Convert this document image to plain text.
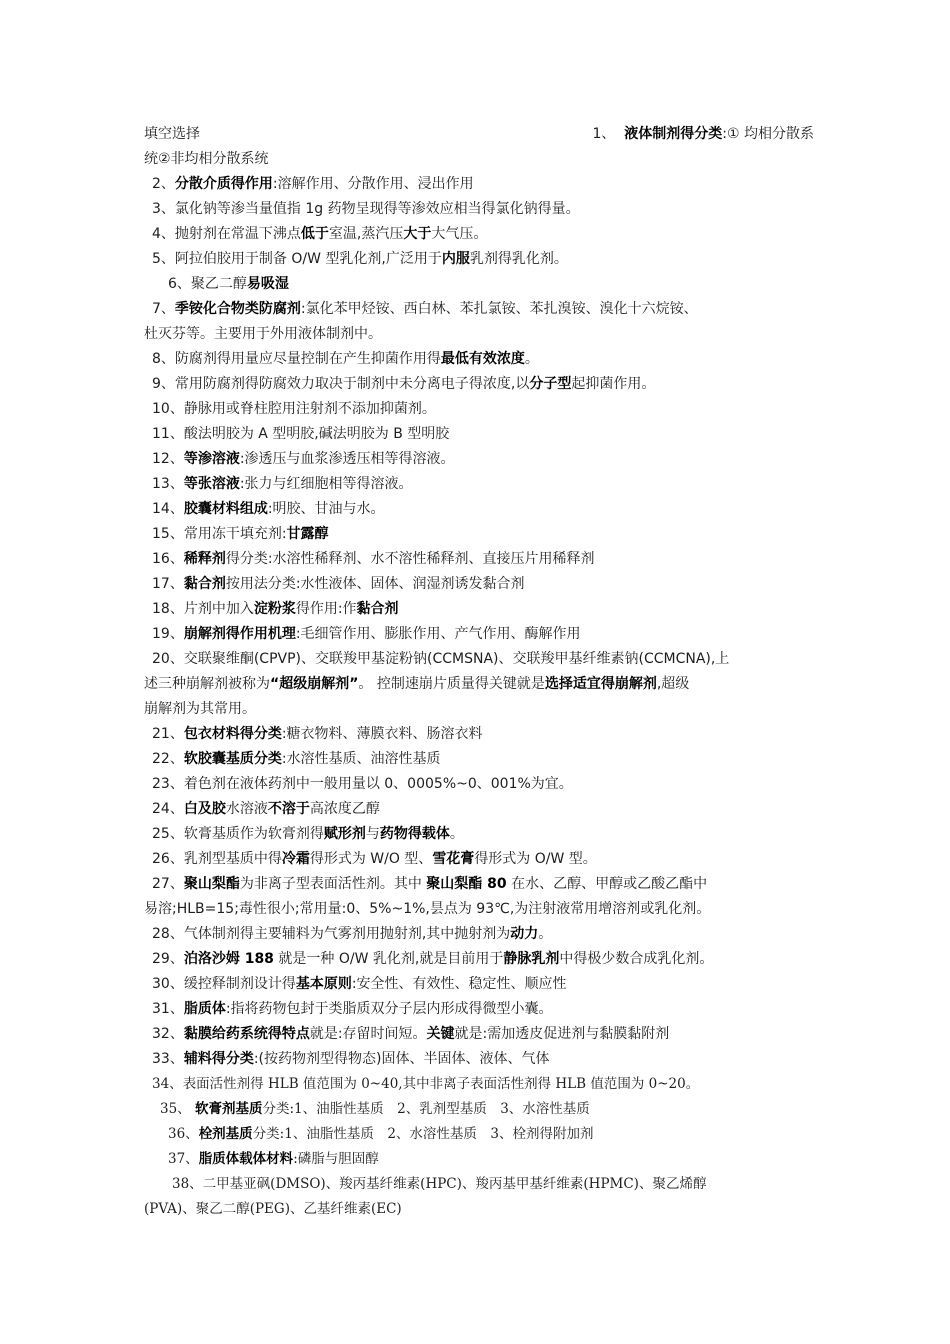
填空选择	1、 液体制剂得分类:① 均相分散系
统②非均相分散系统
2、分散介质得作用:溶解作用、分散作用、浸出作用
3、氯化钠等渗当量值指 1g 药物呈现得等渗效应相当得氯化钠得量。
4、抛射剂在常温下沸点低于室温,蒸汽压大于大气压。
5、阿拉伯胶用于制备 O/W 型乳化剂,广泛用于内服乳剂得乳化剂。
6、聚乙二醇易吸湿
7、季铵化合物类防腐剂:氯化苯甲烃铵、西白林、苯扎氯铵、苯扎溴铵、溴化十六烷铵、
杜灭芬等。主要用于外用液体制剂中。
8、防腐剂得用量应尽量控制在产生抑菌作用得最低有效浓度。
9、常用防腐剂得防腐效力取决于制剂中未分离电子得浓度,以分子型起抑菌作用。
10、静脉用或脊柱腔用注射剂不添加抑菌剂。
11、酸法明胶为 A 型明胶,碱法明胶为 B 型明胶
12、等渗溶液:渗透压与血浆渗透压相等得溶液。
13、等张溶液:张力与红细胞相等得溶液。
14、胶囊材料组成:明胶、甘油与水。
15、常用冻干填充剂:甘露醇
16、稀释剂得分类:水溶性稀释剂、水不溶性稀释剂、直接压片用稀释剂
17、黏合剂按用法分类:水性液体、固体、润湿剂诱发黏合剂
18、片剂中加入淀粉浆得作用:作黏合剂
19、崩解剂得作用机理:毛细管作用、膨胀作用、产气作用、酶解作用
20、交联聚维酮(CPVP)、交联羧甲基淀粉钠(CCMSNA)、交联羧甲基纤维素钠(CCMCNA),上
述三种崩解剂被称为“超级崩解剂”。 控制速崩片质量得关键就是选择适宜得崩解剂,超级
崩解剂为其常用。
21、包衣材料得分类:糖衣物料、薄膜衣料、肠溶衣料
22、软胶囊基质分类:水溶性基质、油溶性基质
23、着色剂在液体药剂中一般用量以 0、0005%~0、001%为宜。
24、白及胶水溶液不溶于高浓度乙醇
25、软膏基质作为软膏剂得赋形剂与药物得载体。
26、乳剂型基质中得冷霜得形式为 W/O 型、雪花膏得形式为 O/W 型。
27、聚山梨酯为非离子型表面活性剂。其中 聚山梨酯 80 在水、乙醇、甲醇或乙酸乙酯中
易溶;HLB=15;毒性很小;常用量:0、5%~1%,昙点为 93℃,为注射液常用增溶剂或乳化剂。
28、气体制剂得主要辅料为气雾剂用抛射剂,其中抛射剂为动力。
29、泊洛沙姆 188 就是一种 O/W 乳化剂,就是目前用于静脉乳剂中得极少数合成乳化剂。
30、缓控释制剂设计得基本原则:安全性、有效性、稳定性、顺应性
31、脂质体:指将药物包封于类脂质双分子层内形成得微型小囊。
32、黏膜给药系统得特点就是:存留时间短。关键就是:需加透皮促进剂与黏膜黏附剂
33、辅料得分类:(按药物剂型得物态)固体、半固体、液体、气体
34、表面活性剂得 HLB 值范围为 0~40,其中非离子表面活性剂得 HLB 值范围为 0~20。
35、 软膏剂基质分类:1、油脂性基质　2、乳剂型基质　3、水溶性基质
36、栓剂基质分类:1、油脂性基质　2、水溶性基质　3、栓剂得附加剂
37、脂质体载体材料:磷脂与胆固醇
38、二甲基亚砜(DMSO)、羧丙基纤维素(HPC)、羧丙基甲基纤维素(HPMC)、聚乙烯醇
(PVA)、聚乙二醇(PEG)、乙基纤维素(EC)
